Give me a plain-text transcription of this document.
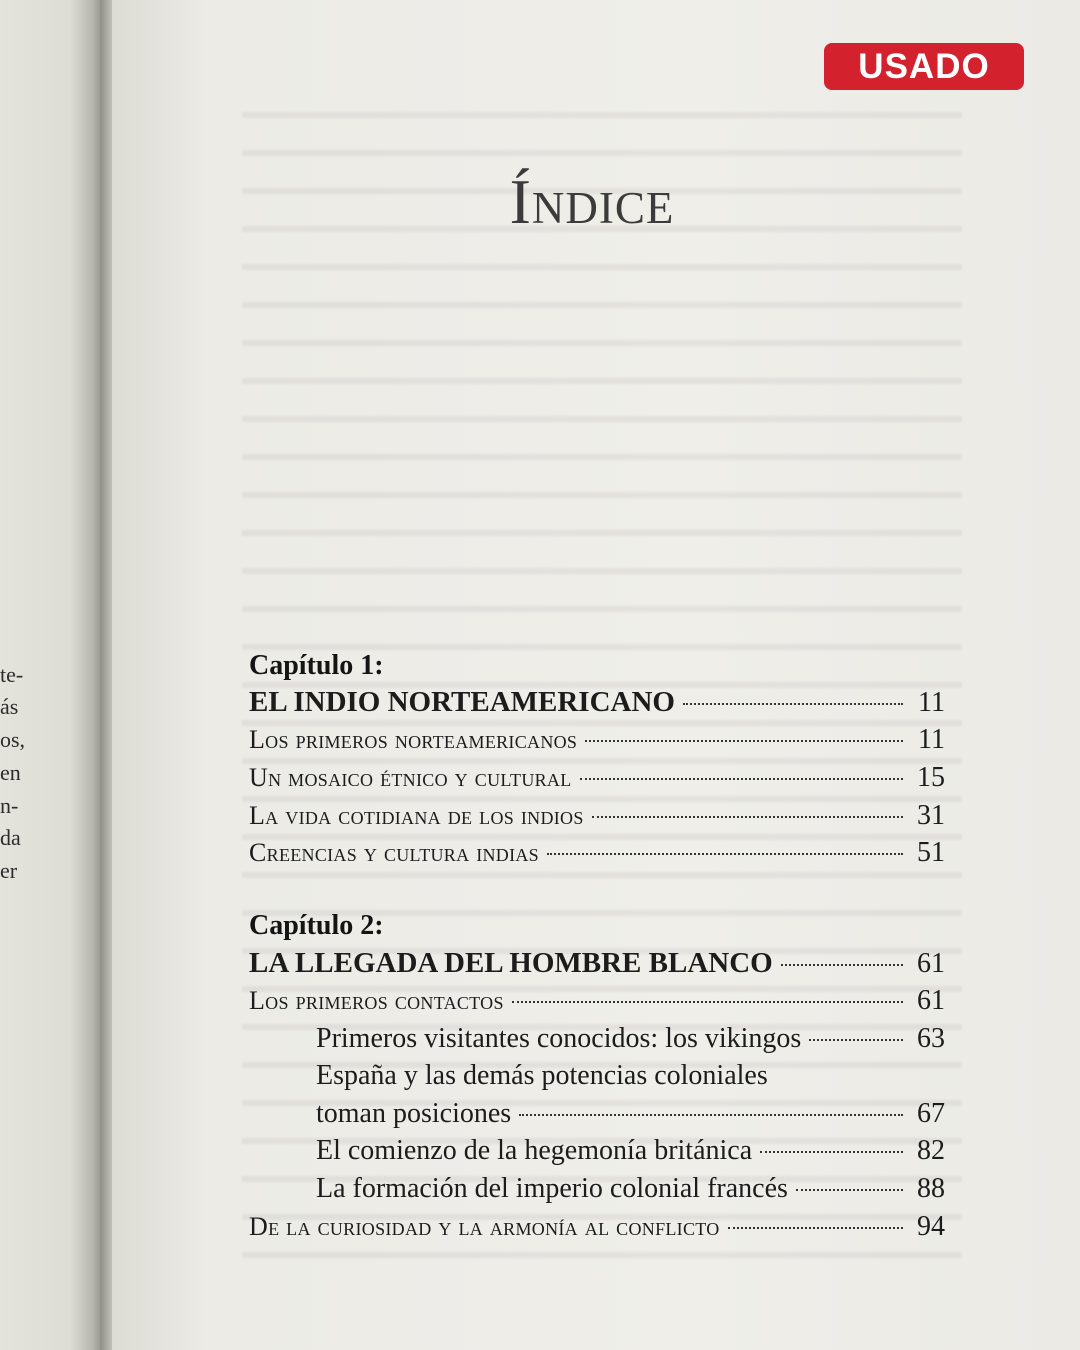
te-
ás
os,
en
n-
da
er
Índice
Capítulo 1:
EL INDIO NORTEAMERICANO	11
Los primeros norteamericanos	11
Un mosaico étnico y cultural	15
La vida cotidiana de los indios	31
Creencias y cultura indias	51
Capítulo 2:
LA LLEGADA DEL HOMBRE BLANCO	61
Los primeros contactos	61
Primeros visitantes conocidos: los vikingos	63
España y las demás potencias coloniales
toman posiciones	67
El comienzo de la hegemonía británica	82
La formación del imperio colonial francés	88
De la curiosidad y la armonía al conflicto	94
USADO
